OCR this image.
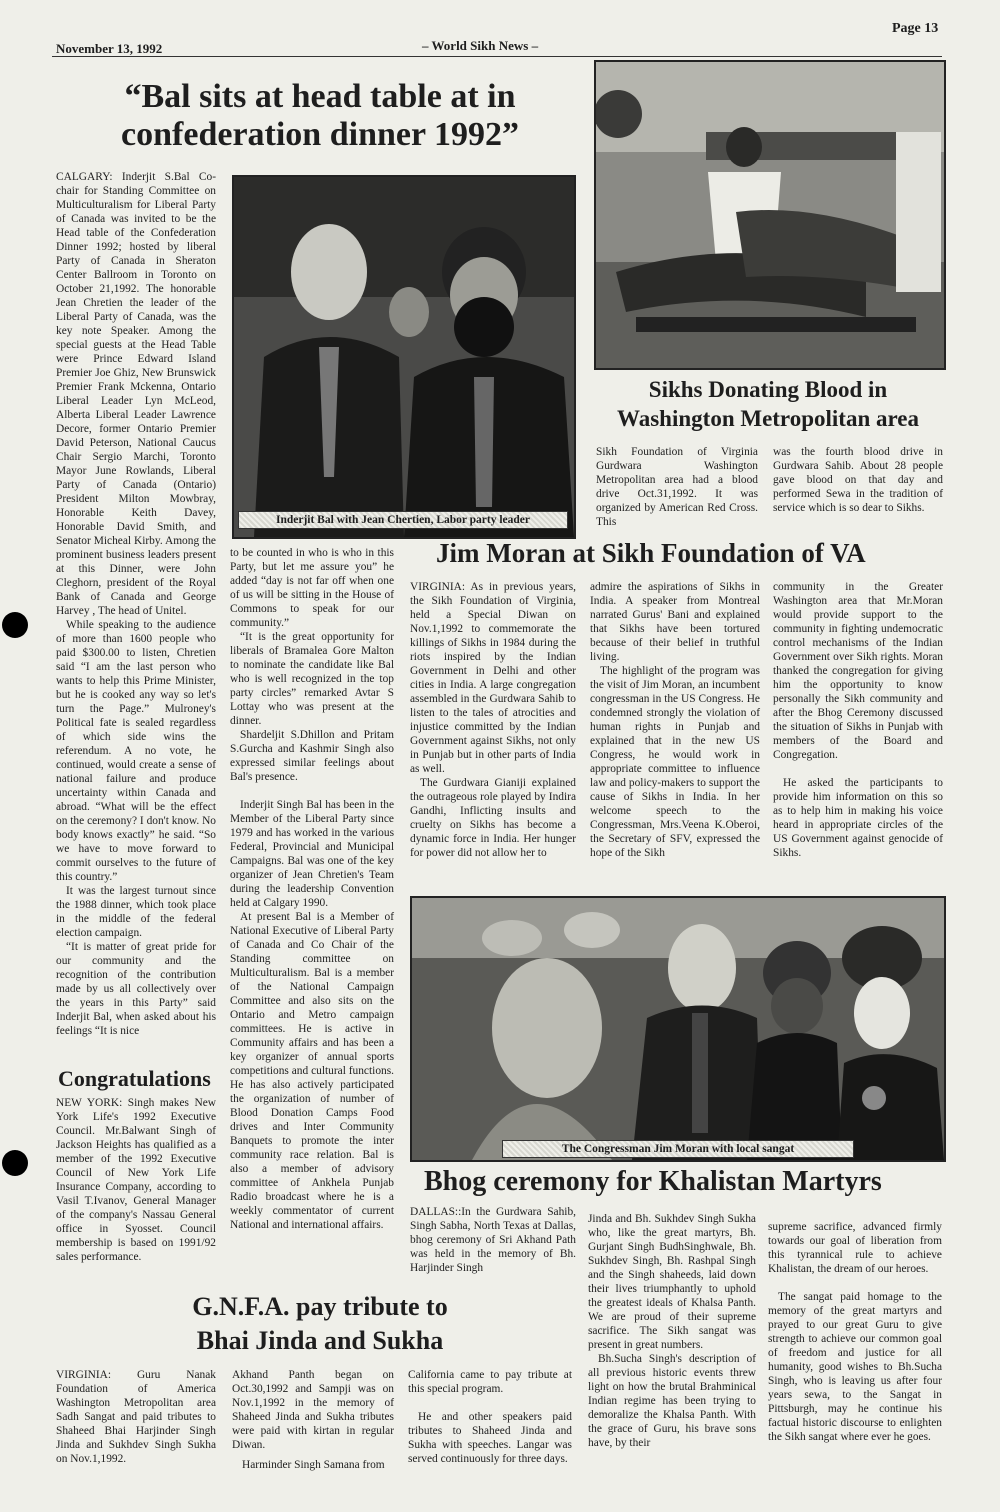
November 13, 1992	– World Sikh News –
Page 13
“Bal sits at head table at in confederation dinner 1992”
Inderjit Bal with Jean Chertien, Labor party leader

CALGARY: Inderjit S.Bal Co-chair for Standing Committee on Multiculturalism for Liberal Party of Canada was invited to be the Head table of the Confederation Dinner 1992; hosted by liberal Party of Canada in Sheraton Center Ballroom in Toronto on October 21,1992. The honorable Jean Chretien the leader of the Liberal Party of Canada, was the key note Speaker. Among the special guests at the Head Table were Prince Edward Island Premier Joe Ghiz, New Brunswick Premier Frank Mckenna, Ontario Liberal Leader Lyn McLeod, Alberta Liberal Leader Lawrence Decore, former Ontario Premier David Peterson, National Caucus Chair Sergio Marchi, Toronto Mayor June Rowlands, Liberal Party of Canada (Ontario) President Milton Mowbray, Honorable Keith Davey, Honorable David Smith, and Senator Micheal Kirby. Among the prominent business leaders present at this Dinner, were John Cleghorn, president of the Royal Bank of Canada and George Harvey , The head of Unitel.

While speaking to the audience of more than 1600 people who paid $300.00 to listen, Chretien said “I am the last person who wants to help this Prime Minister, but he is cooked any way so let's turn the Page.” Mulroney's Political fate is sealed regardless of which side wins the referendum. A no vote, he continued, would create a sense of national failure and produce uncertainty within Canada and abroad. “What will be the effect on the ceremony? I don't know. No body knows exactly” he said. “So we have to move forward to commit ourselves to the future of this country.”

It was the largest turnout since the 1988 dinner, which took place in the middle of the federal election campaign.

“It is matter of great pride for our community and the recognition of the contribution made by us all collectively over the years in this Party” said Inderjit Bal, when asked about his feelings “It is nice

to be counted in who is who in this Party, but let me assure you” he added “day is not far off when one of us will be sitting in the House of Commons to speak for our community.”

“It is the great opportunity for liberals of Bramalea Gore Malton to nominate the candidate like Bal who is well recognized in the top party circles” remarked Avtar S Lottay who was present at the dinner.

Shardeljit S.Dhillon and Pritam S.Gurcha and Kashmir Singh also expressed similar feelings about Bal's presence.

Inderjit Singh Bal has been in the Member of the Liberal Party since 1979 and has worked in the various Federal, Provincial and Municipal Campaigns. Bal was one of the key organizer of Jean Chretien's Team during the leadership Convention held at Calgary 1990.

At present Bal is a Member of National Executive of Liberal Party of Canada and Co Chair of the Standing committee on Multiculturalism. Bal is a member of the National Campaign Committee and also sits on the Ontario and Metro campaign committees. He is active in Community affairs and has been a key organizer of annual sports competitions and cultural functions. He has also actively participated the organization of number of Blood Donation Camps Food drives and Inter Community Banquets to promote the inter community race relation. Bal is also a member of advisory committee of Ankhela Punjab Radio broadcast where he is a weekly commentator of current National and international affairs.

Sikhs Donating Blood in Washington Metropolitan area

Sikh Foundation of Virginia Gurdwara Washington Metropolitan area had a blood drive Oct.31,1992. It was organized by American Red Cross. This

was the fourth blood drive in Gurdwara Sahib. About 28 people gave blood on that day and performed Sewa in the tradition of service which is so dear to Sikhs.

Jim Moran at Sikh Foundation of VA

VIRGINIA: As in previous years, the Sikh Foundation of Virginia, held a Special Diwan on Nov.1,1992 to commemorate the killings of Sikhs in 1984 during the riots inspired by the Indian Government in Delhi and other cities in India. A large congregation assembled in the Gurdwara Sahib to listen to the tales of atrocities and injustice committed by the Indian Government against Sikhs, not only in Punjab but in other parts of India as well.

The Gurdwara Gianiji explained the outrageous role played by Indira Gandhi, Inflicting insults and cruelty on Sikhs has become a dynamic force in India. Her hunger for power did not allow her to

admire the aspirations of Sikhs in India. A speaker from Montreal narrated Gurus' Bani and explained that Sikhs have been tortured because of their belief in truthful living.

The highlight of the program was the visit of Jim Moran, an incumbent congressman in the US Congress. He condemned strongly the violation of human rights in Punjab and explained that in the new US Congress, he would work in appropriate committee to influence law and policy-makers to support the cause of Sikhs in India. In her welcome speech to the Congressman, Mrs.Veena K.Oberoi, the Secretary of SFV, expressed the hope of the Sikh

community in the Greater Washington area that Mr.Moran would provide support to the community in fighting undemocratic control mechanisms of the Indian Government over Sikh rights. Moran thanked the congregation for giving him the opportunity to know personally the Sikh community and after the Bhog Ceremony discussed the situation of Sikhs in Punjab with members of the Board and Congregation.

He asked the participants to provide him information on this so as to help him in making his voice heard in appropriate circles of the US Government against genocide of Sikhs.

The Congressman Jim Moran with local sangat
Congratulations

NEW YORK: Singh makes New York Life's 1992 Executive Council. Mr.Balwant Singh of Jackson Heights has qualified as a member of the 1992 Executive Council of New York Life Insurance Company, according to Vasil T.Ivanov, General Manager of the company's Nassau General office in Syosset. Council membership is based on 1991/92 sales performance.

Bhog ceremony for Khalistan Martyrs

DALLAS::In the Gurdwara Sahib, Singh Sabha, North Texas at Dallas, bhog ceremony of Sri Akhand Path was held in the memory of Bh. Harjinder Singh

Jinda and Bh. Sukhdev Singh Sukha who, like the great martyrs, Bh. Gurjant Singh BudhSinghwale, Bh. Sukhdev Singh, Bh. Rashpal Singh and the Singh shaheeds, laid down their lives triumphantly to uphold the greatest ideals of Khalsa Panth. We are proud of their supreme sacrifice. The Sikh sangat was present in great numbers.

Bh.Sucha Singh's description of all previous historic events threw light on how the brutal Brahminical Indian regime has been trying to demoralize the Khalsa Panth. With the grace of Guru, his brave sons have, by their

supreme sacrifice, advanced firmly towards our goal of liberation from this tyrannical rule to achieve Khalistan, the dream of our heroes.

The sangat paid homage to the memory of the great martyrs and prayed to our great Guru to give strength to achieve our common goal of freedom and justice for all humanity, good wishes to Bh.Sucha Singh, who is leaving us after four years sewa, to the Sangat in Pittsburgh, may he continue his factual historic discourse to enlighten the Sikh sangat where ever he goes.

G.N.F.A. pay tribute to
Bhai Jinda and Sukha

VIRGINIA: Guru Nanak Foundation of America Washington Metropolitan area Sadh Sangat and paid tributes to Shaheed Bhai Harjinder Singh Jinda and Sukhdev Singh Sukha on Nov.1,1992.

Akhand Panth began on Oct.30,1992 and Sampji was on Nov.1,1992 in the memory of Shaheed Jinda and Sukha tributes were paid with kirtan in regular Diwan.

Harminder Singh Samana from

California came to pay tribute at this special program.

He and other speakers paid tributes to Shaheed Jinda and Sukha with speeches. Langar was served continuously for three days.
